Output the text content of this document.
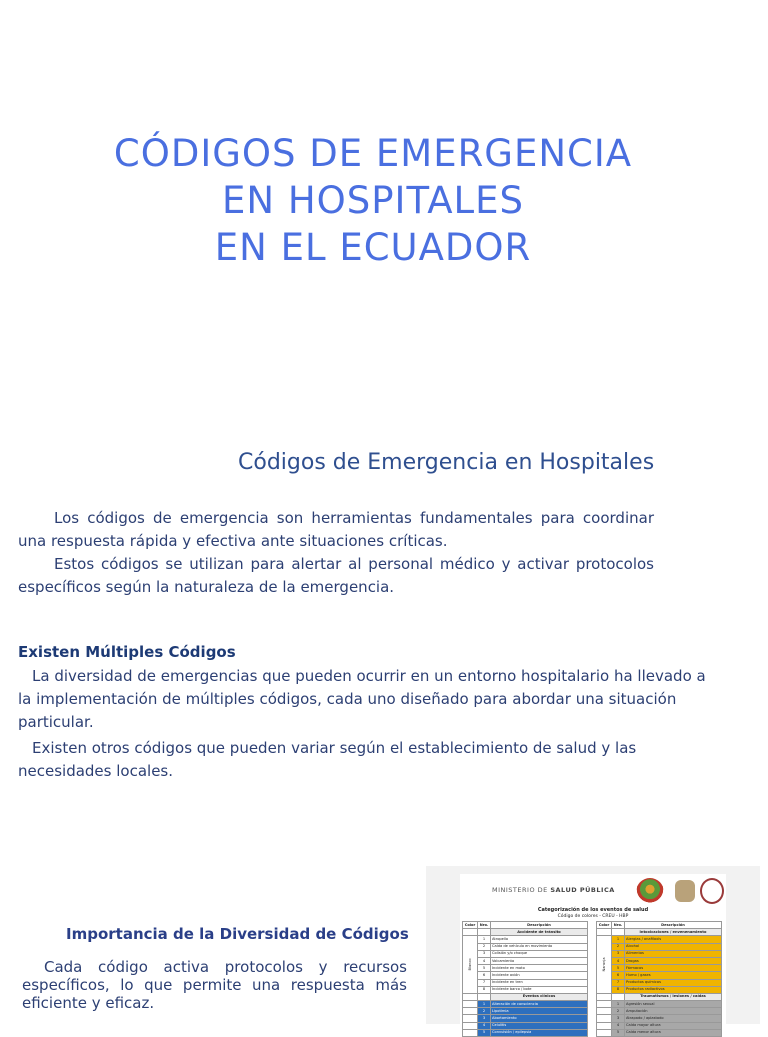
CÓDIGOS DE EMERGENCIA
EN HOSPITALES
EN EL ECUADOR
Códigos de Emergencia en Hospitales

Los códigos de emergencia son herramientas fundamentales para coordinar una respuesta rápida y efectiva ante situaciones críticas.

Estos códigos se utilizan para alertar al personal médico y activar protocolos específicos según la naturaleza de la emergencia.

Existen Múltiples Códigos

La diversidad de emergencias que pueden ocurrir en un entorno hospitalario ha llevado a la implementación de múltiples códigos, cada uno diseñado para abordar una situación particular.

Existen otros códigos que pueden variar según el establecimiento de salud y las necesidades locales.

Importancia de la Diversidad de Códigos

Cada código activa protocolos y recursos específicos, lo que permite una respuesta más eficiente y eficaz.

MINISTERIO DE SALUD PÚBLICA
Categorización de los eventos de salud
Código de colores - CREU - HBP
Color	Nro.	Descripción
		Accidente de tránsito
Blanco	1	Atropello
	2	Caída de vehículo en movimiento
	3	Colisión y/o choque
	4	Volcamiento
	5	Incidente en moto
	6	Incidente avión
	7	Incidente en tren
	8	Incidente barco / bote
		Eventos clínicos
	1	Alteración de consciencia
	2	Lipotimia
	3	Abortamiento
	4	Celulitis
	5	Convulsión / epilepsia
Color	Nro.	Descripción
		Intoxicaciones / envenenamiento
Naranja	1	Alergias / anafilaxis
	2	Alcohol
	3	Alimentos
	4	Drogas
	5	Fármacos
	6	Humo / gases
	7	Productos químicos
	8	Productos radiactivos
		Traumatismos / lesiones / caídas
	1	Agresión sexual
	2	Amputación
	3	Atrapado / aplastado
	4	Caída mayor altura
	5	Caída menor altura
